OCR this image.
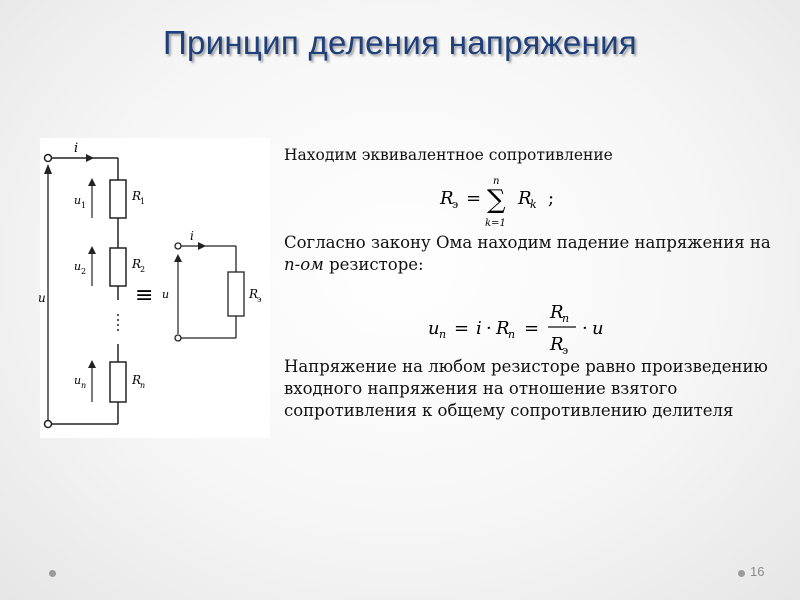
Принцип деления напряжения
i
u
u 1
u 2
u n
R
1
R
2
R
n
≡
i
u	R
э
Находим эквивалентное сопротивление
R
э =
n
∑
k=1
R
k ;
Согласно закону Ома находим падение напряжения на n-ом резисторе:
u n = i · R
n =
R
n
R
э
· u
Напряжение на любом резисторе равно произведению входного напряжения на отношение взятого сопротивления к общему сопротивлению делителя
16
